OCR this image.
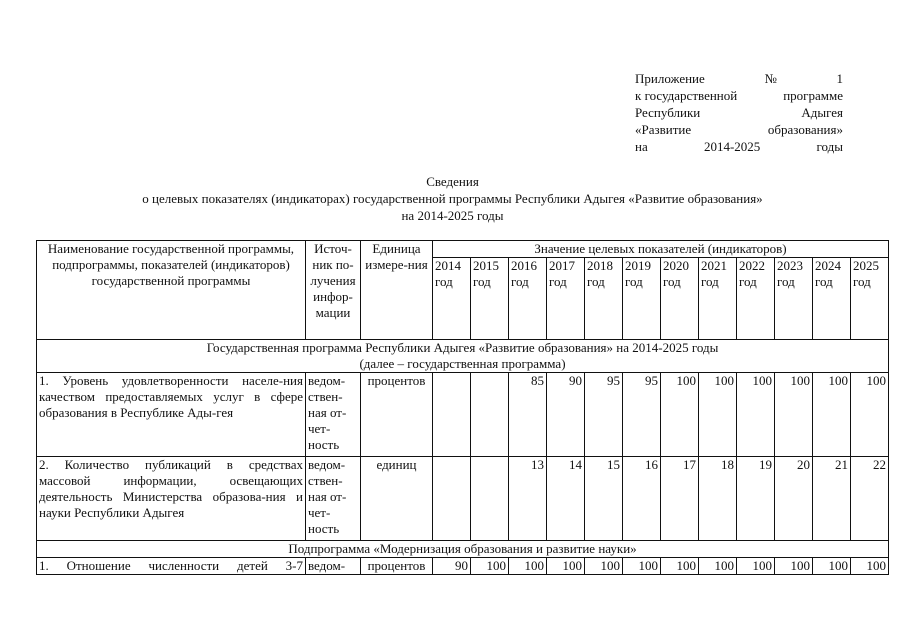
Приложение	№	1
к государственной	программе
Республики	Адыгея
«Развитие	образования»
на	2014-2025	годы
Сведения
о целевых показателях (индикаторах) государственной программы Республики Адыгея «Развитие образования»
на 2014-2025 годы
Наименование государственной программы, подпрограммы, показателей (индикаторов) государственной программы	Источ-ник по-лучения инфор-мации	Единица измере-ния	Значение целевых показателей (индикаторов)											
			2014 год	2015 год	2016 год	2017 год	2018 год	2019 год	2020 год	2021 год	2022 год	2023 год	2024 год	2025 год

Государственная программа Республики Адыгея «Развитие образования» на 2014-2025 годы
(далее – государственная программа)														

1. Уровень удовлетворенности населе-ния качеством предоставляемых услуг в сфере образования в Республике Ады-гея	ведом-ствен-ная от-чет-ность	процентов			85	90	95	95	100	100	100	100	100	100
2. Количество публикаций в средствах массовой информации, освещающих деятельность Министерства образова-ния и науки Республики Адыгея	ведом-ствен-ная от-чет-ность	единиц			13	14	15	16	17	18	19	20	21	22
Подпрограмма «Модернизация образования и развитие науки»														
1. Отношение численности детей 3-7	ведом-	процентов	90	100	100	100	100	100	100	100	100	100	100	100
